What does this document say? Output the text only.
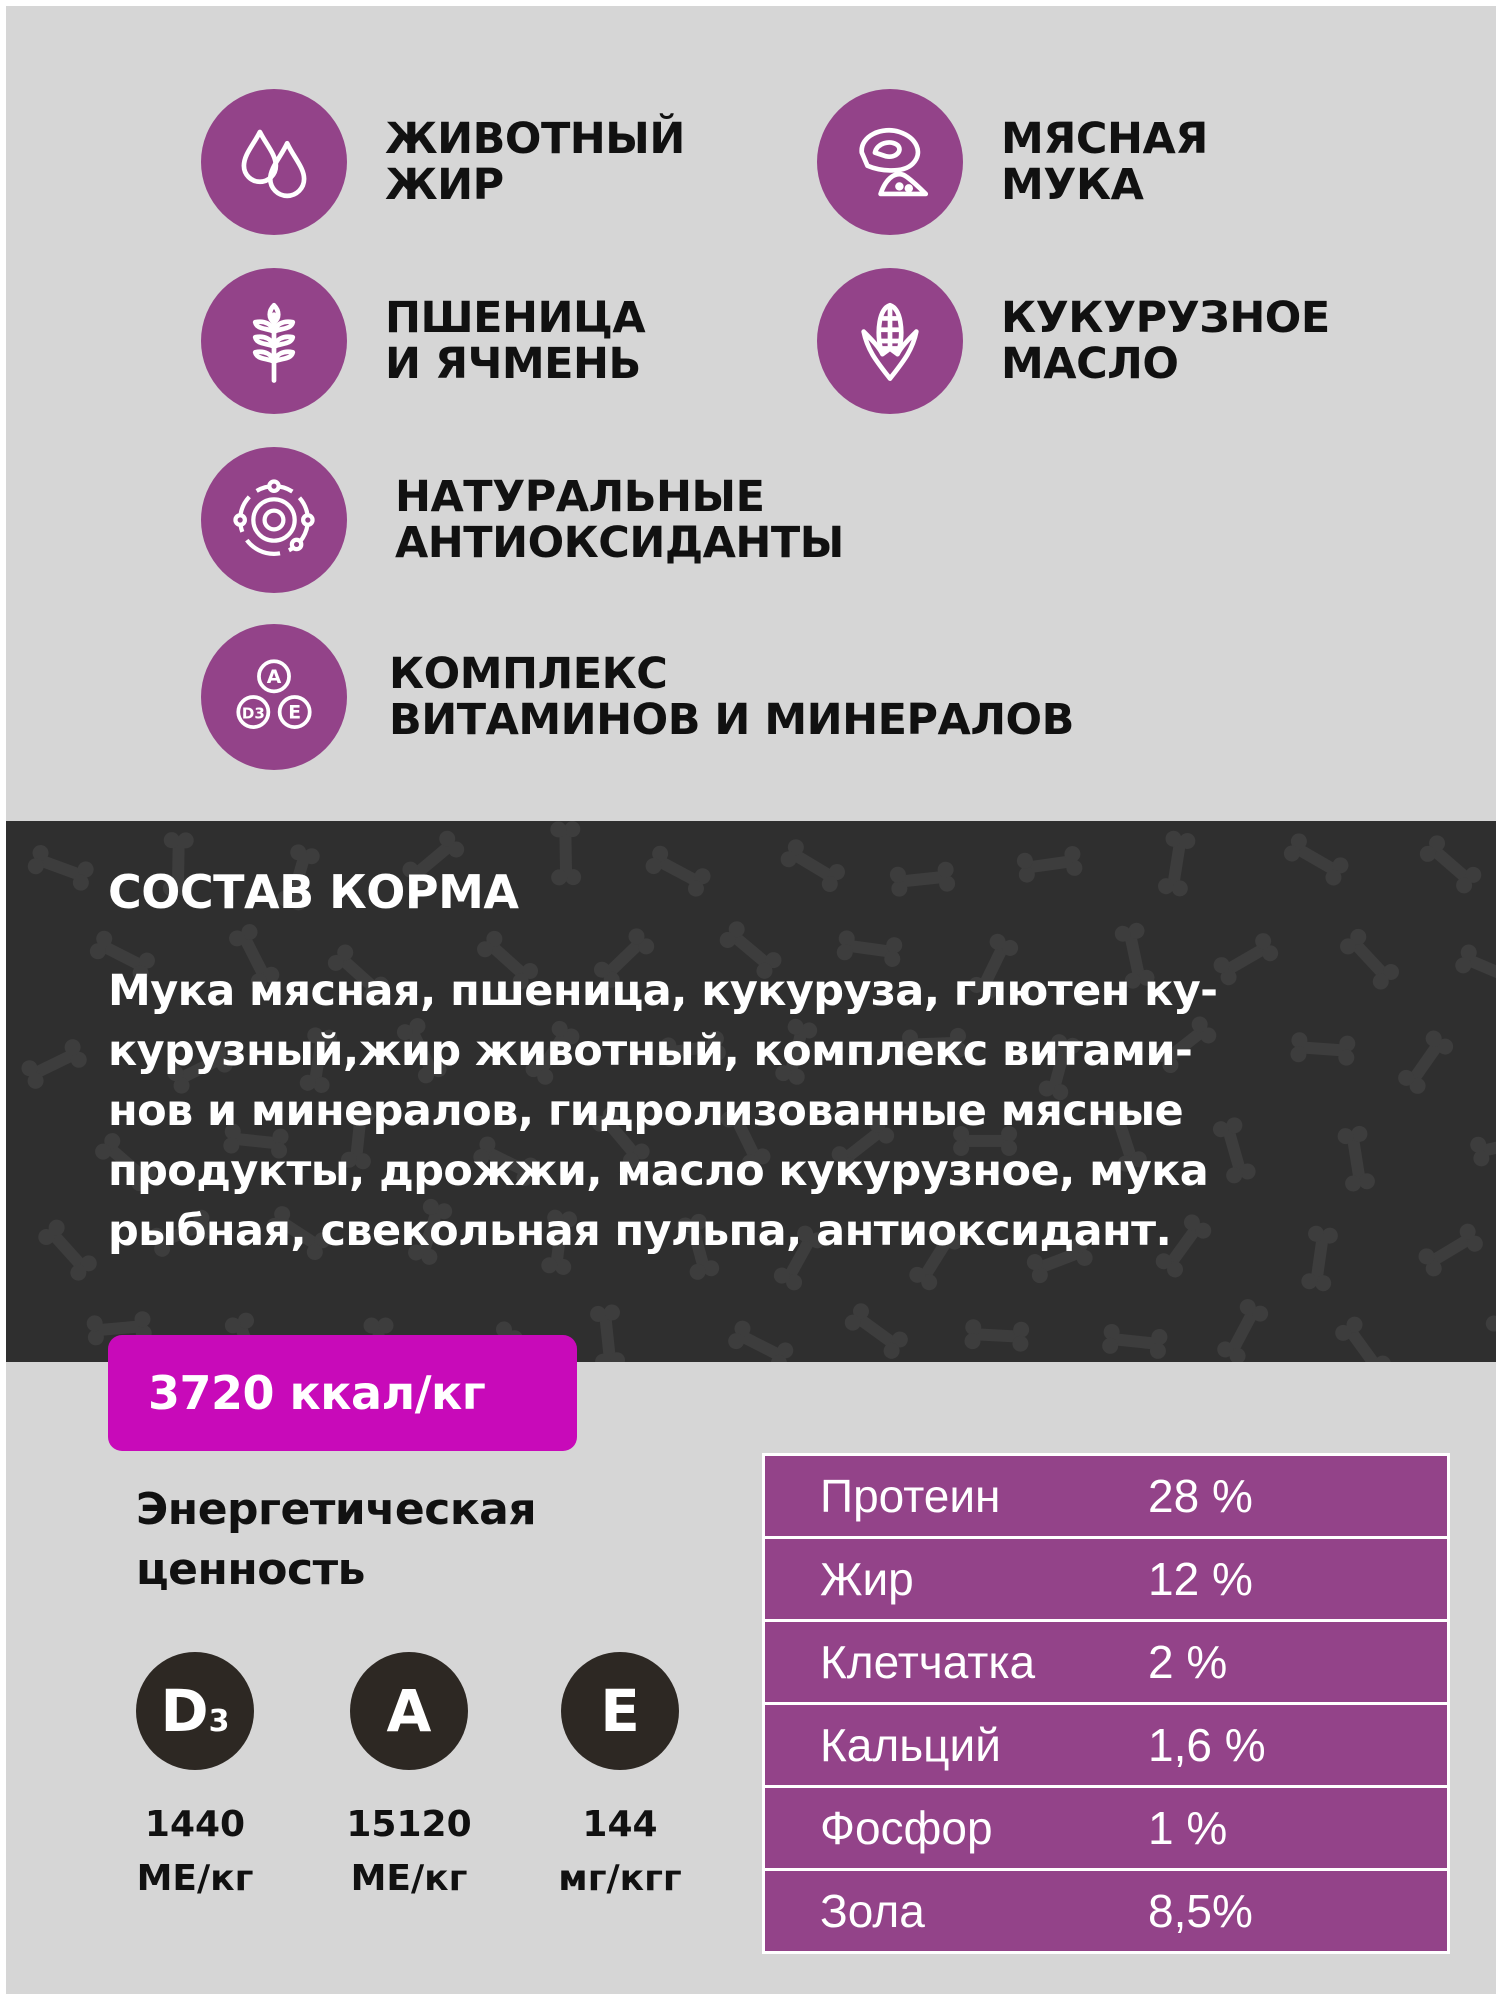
ЖИВОТНЫЙ
ЖИР
МЯСНАЯ
МУКА
ПШЕНИЦА
И ЯЧМЕНЬ
КУКУРУЗНОЕ
МАСЛО
НАТУРАЛЬНЫЕ
АНТИОКСИДАНТЫ
A
D3 E
КОМПЛЕКС
ВИТАМИНОВ И МИНЕРАЛОВ
СОСТАВ КОРМА
Мука мясная, пшеница, кукуруза, глютен ку-
курузный,жир животный, комплекс витами-
нов и минералов, гидролизованные мясные
продукты, дрожжи, масло кукурузное, мука
рыбная, свекольная пульпа, антиоксидант.
3720 ккал/кг
Энергетическая ценность
$D_3$
1440
МЕ/кг
A
15120
МЕ/кг
E
144
мг/кгг
Протеин	28 %
Жир	12 %
Клетчатка	2 %
Кальций	1,6 %
Фосфор	1 %
Зола	8,5%
